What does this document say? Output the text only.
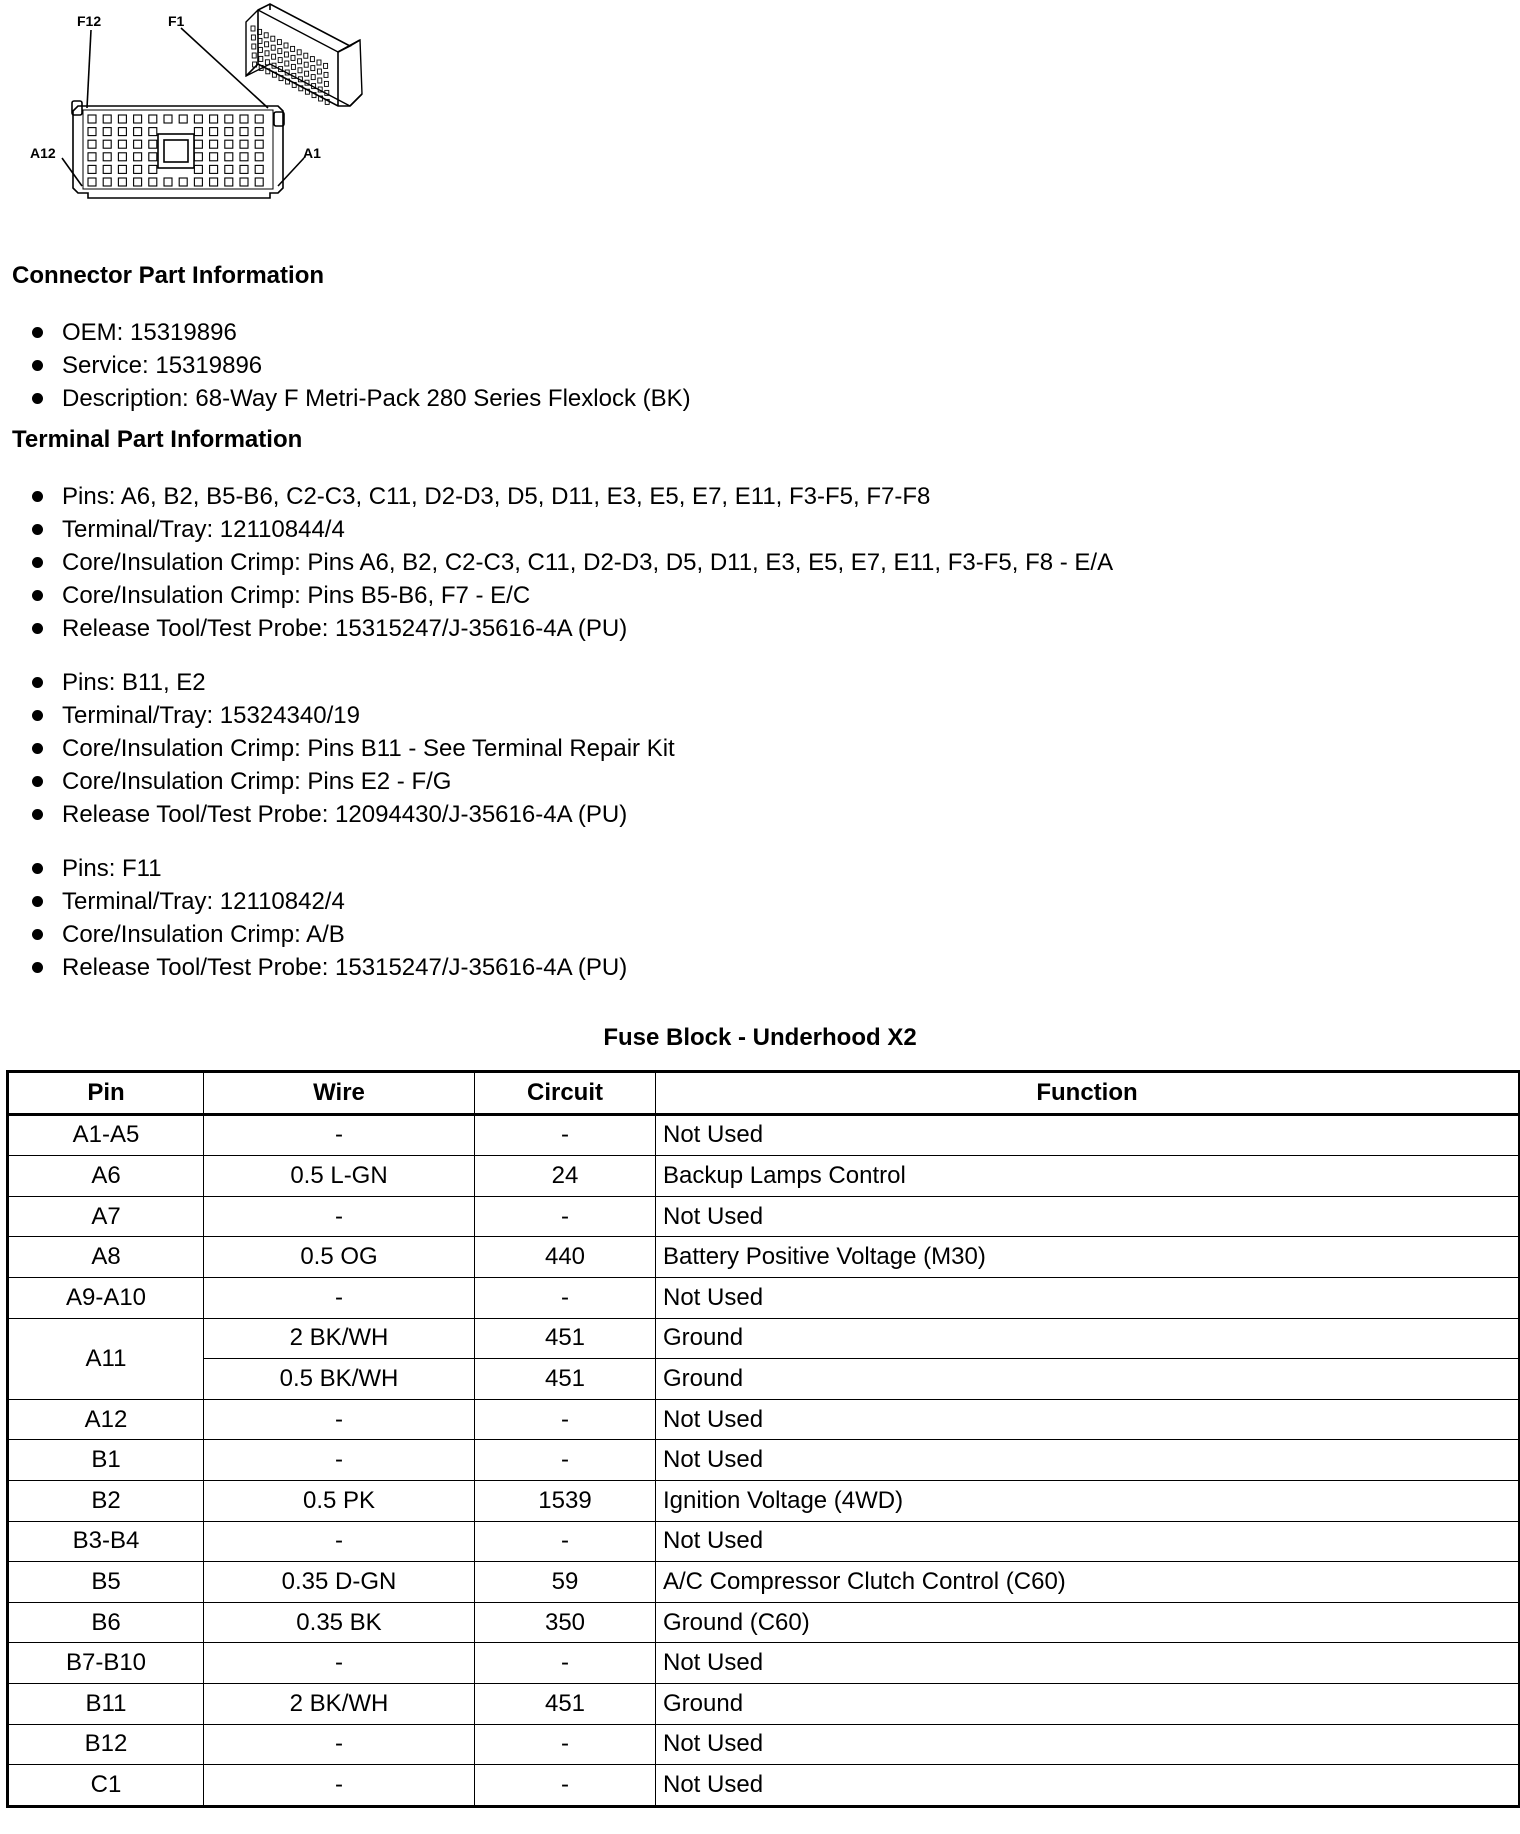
F12	F1
A12	A1
Connector Part Information
OEM: 15319896
Service: 15319896
Description: 68-Way F Metri-Pack 280 Series Flexlock (BK)
Terminal Part Information
Pins: A6, B2, B5-B6, C2-C3, C11, D2-D3, D5, D11, E3, E5, E7, E11, F3-F5, F7-F8
Terminal/Tray: 12110844/4
Core/Insulation Crimp: Pins A6, B2, C2-C3, C11, D2-D3, D5, D11, E3, E5, E7, E11, F3-F5, F8 - E/A
Core/Insulation Crimp: Pins B5-B6, F7 - E/C
Release Tool/Test Probe: 15315247/J-35616-4A (PU)
Pins: B11, E2
Terminal/Tray: 15324340/19
Core/Insulation Crimp: Pins B11 - See Terminal Repair Kit
Core/Insulation Crimp: Pins E2 - F/G
Release Tool/Test Probe: 12094430/J-35616-4A (PU)
Pins: F11
Terminal/Tray: 12110842/4
Core/Insulation Crimp: A/B
Release Tool/Test Probe: 15315247/J-35616-4A (PU)
Fuse Block - Underhood X2
Pin	Wire	Circuit	Function
A1-A5	-	-	Not Used
A6	0.5 L-GN	24	Backup Lamps Control
A7	-	-	Not Used
A8	0.5 OG	440	Battery Positive Voltage (M30)
A9-A10	-	-	Not Used
A11	2 BK/WH	451	Ground
	0.5 BK/WH	451	Ground
A12	-	-	Not Used
B1	-	-	Not Used
B2	0.5 PK	1539	Ignition Voltage (4WD)
B3-B4	-	-	Not Used
B5	0.35 D-GN	59	A/C Compressor Clutch Control (C60)
B6	0.35 BK	350	Ground (C60)
B7-B10	-	-	Not Used
B11	2 BK/WH	451	Ground
B12	-	-	Not Used
C1	-	-	Not Used
